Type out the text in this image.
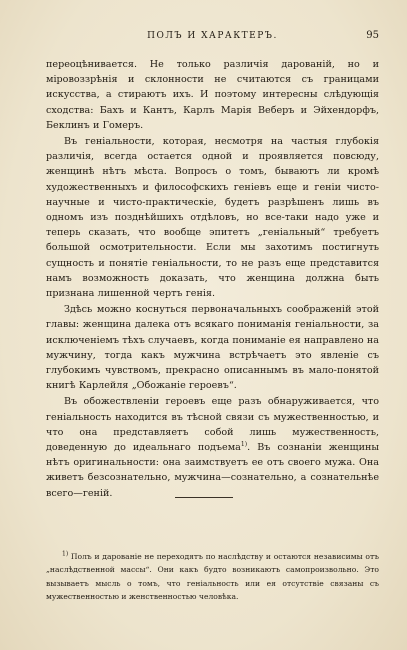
ПОЛЪ И ХАРАКТЕРЪ.	95

переоцѣнивается. Не только различія дарованій, но и міровоззрѣнія и склонности не считаются съ границами искусства, а стираютъ ихъ. И поэтому интересны слѣдующія сходства: Бахъ и Кантъ, Карлъ Марія Веберъ и Эйхендорфъ, Беклинъ и Гомеръ.

Въ геніальности, которая, несмотря на частыя глубокія различія, всегда остается одной и проявляется повсюду, женщинѣ нѣтъ мѣста. Вопросъ о томъ, бываютъ ли кромѣ художественныхъ и философскихъ геніевъ еще и геніи чисто-научные и чисто-практическіе, будетъ разрѣшенъ лишь въ одномъ изъ позднѣйшихъ отдѣловъ, но все-таки надо уже и теперь сказать, что вообще эпитетъ „геніальный“ требуетъ большой осмотрительности. Если мы захотимъ постигнуть сущность и понятіе геніальности, то не разъ еще представится намъ возможность доказать, что женщина должна быть признана лишенной чертъ генія.

Здѣсь можно коснуться первоначальныхъ соображеній этой главы: женщина далека отъ всякаго пониманія геніальности, за исключеніемъ тѣхъ случаевъ, когда пониманіе ея направлено на мужчину, тогда какъ мужчина встрѣчаетъ это явленіе съ глубокимъ чувствомъ, прекрасно описаннымъ въ мало-понятой книгѣ Карлейля „Обожаніе героевъ“.

Въ обожествленіи героевъ еще разъ обнаруживается, что геніальность находится въ тѣсной связи съ мужественностью, и что она представляетъ собой лишь мужественность, доведенную до идеальнаго подъема$^{1)}$. Въ сознаніи женщины нѣтъ оригинальности: она заимствуетъ ее отъ своего мужа. Она живетъ безсознательно, мужчина—сознательно, а сознательнѣе всего—геній.

$^{1)}$ Полъ и дарованіе не переходятъ по наслѣдству и остаются независимы отъ „наслѣдственной массы“. Они какъ будто возникаютъ самопроизвольно. Это вызываетъ мысль о томъ, что геніальность или ея отсутствіе связаны съ мужественностью и женственностью человѣка.
